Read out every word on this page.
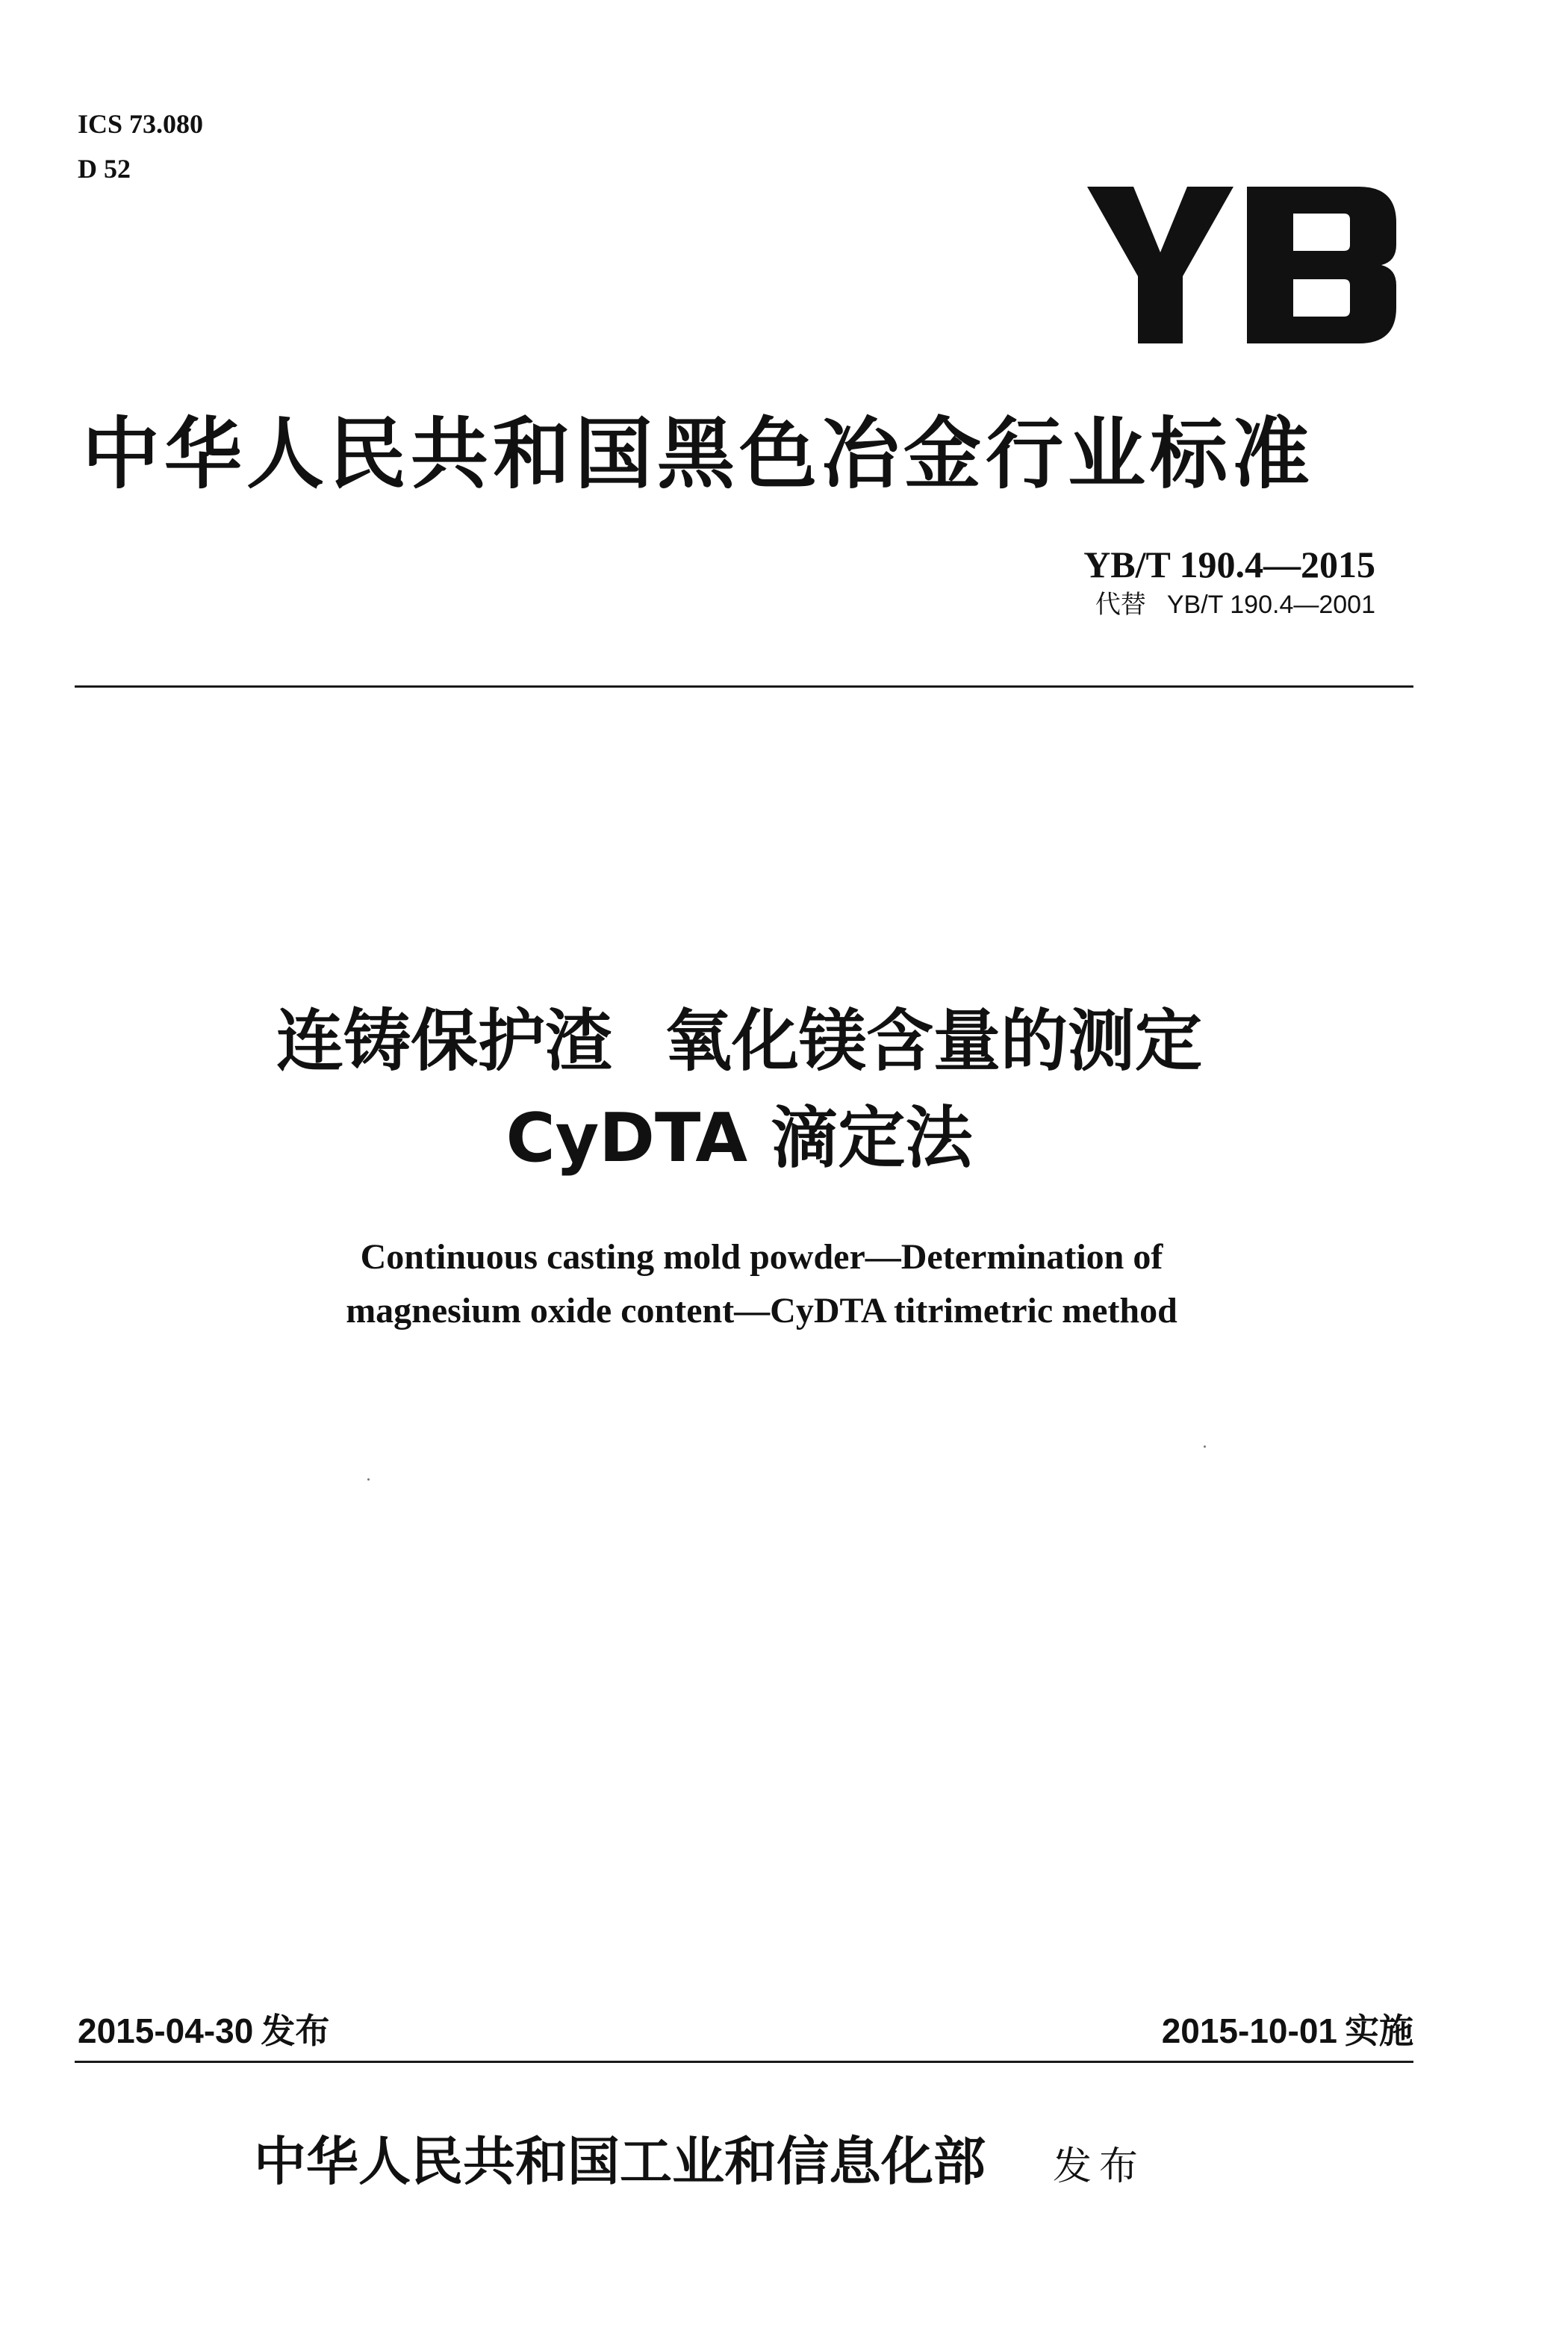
ICS 73.080
D 52
中华人民共和国黑色冶金行业标准
YB/T 190.4—2015
代替 YB/T 190.4—2001
连铸保护渣 氧化镁含量的测定
CyDTA 滴定法
Continuous casting mold powder—Determination of
magnesium oxide content—CyDTA titrimetric method
2015-04-30 发布	2015-10-01 实施
中华人民共和国工业和信息化部 发布
